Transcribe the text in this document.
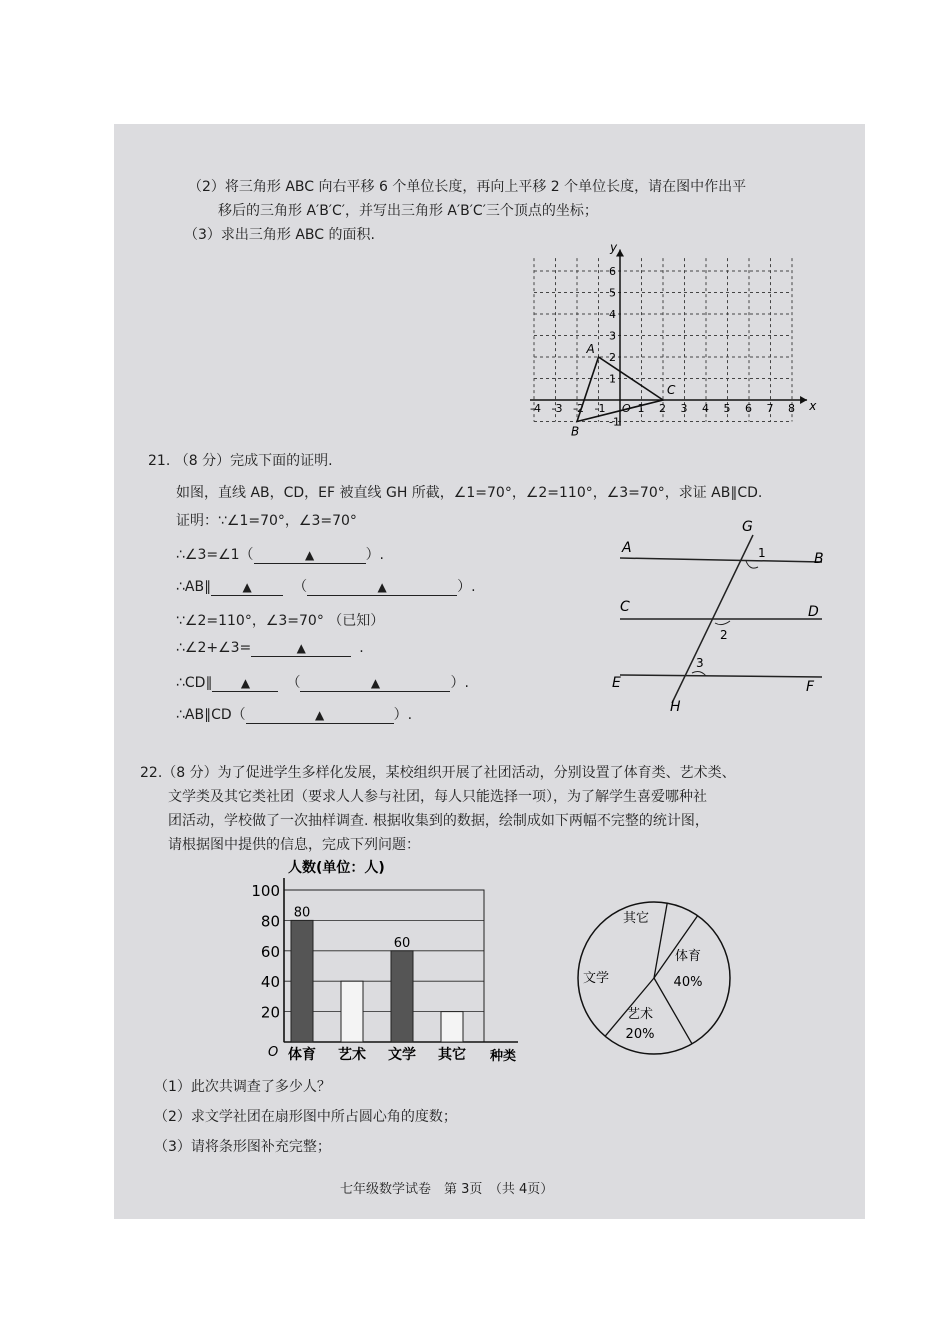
（2）将三角形 ABC 向右平移 6 个单位长度，再向上平移 2 个单位长度，请在图中作出平
移后的三角形 A′B′C′，并写出三角形 A′B′C′三个顶点的坐标；
（3）求出三角形 ABC 的面积.
x
y
O
-4 -3 -2 -1	1 2 3 4 5 6 7 8
1
2
3
4
5
6
-1
A
B
C
21. （8 分）完成下面的证明.
如图，直线 AB，CD，EF 被直线 GH 所截，∠1=70°，∠2=110°，∠3=70°，求证 AB∥CD.
证明：∵∠1=70°，∠3=70°
∴∠3=∠1（	▲	）.
∴AB∥	▲	（	▲	）.
∵∠2=110°，∠3=70° （已知）
∴∠2+∠3=	▲	.
∴CD∥ ▲	（	▲	）.
∴AB∥CD（	▲	）.
A
B
C	D
E	F
G
H
1
2
3
22.（8 分）为了促进学生多样化发展，某校组织开展了社团活动，分别设置了体育类、艺术类、
文学类及其它类社团（要求人人参与社团，每人只能选择一项），为了解学生喜爱哪种社
团活动，学校做了一次抽样调查. 根据收集到的数据，绘制成如下两幅不完整的统计图，
请根据图中提供的信息，完成下列问题：
20
40
60
80
100
人数(单位：人)
种类
O
80
体育 艺术
60
文学 其它
体育
40%
艺术
20%
文学
其它
（1）此次共调查了多少人？
（2）求文学社团在扇形图中所占圆心角的度数；
（3）请将条形图补充完整；
七年级数学试卷　第 3页　（共 4页）
